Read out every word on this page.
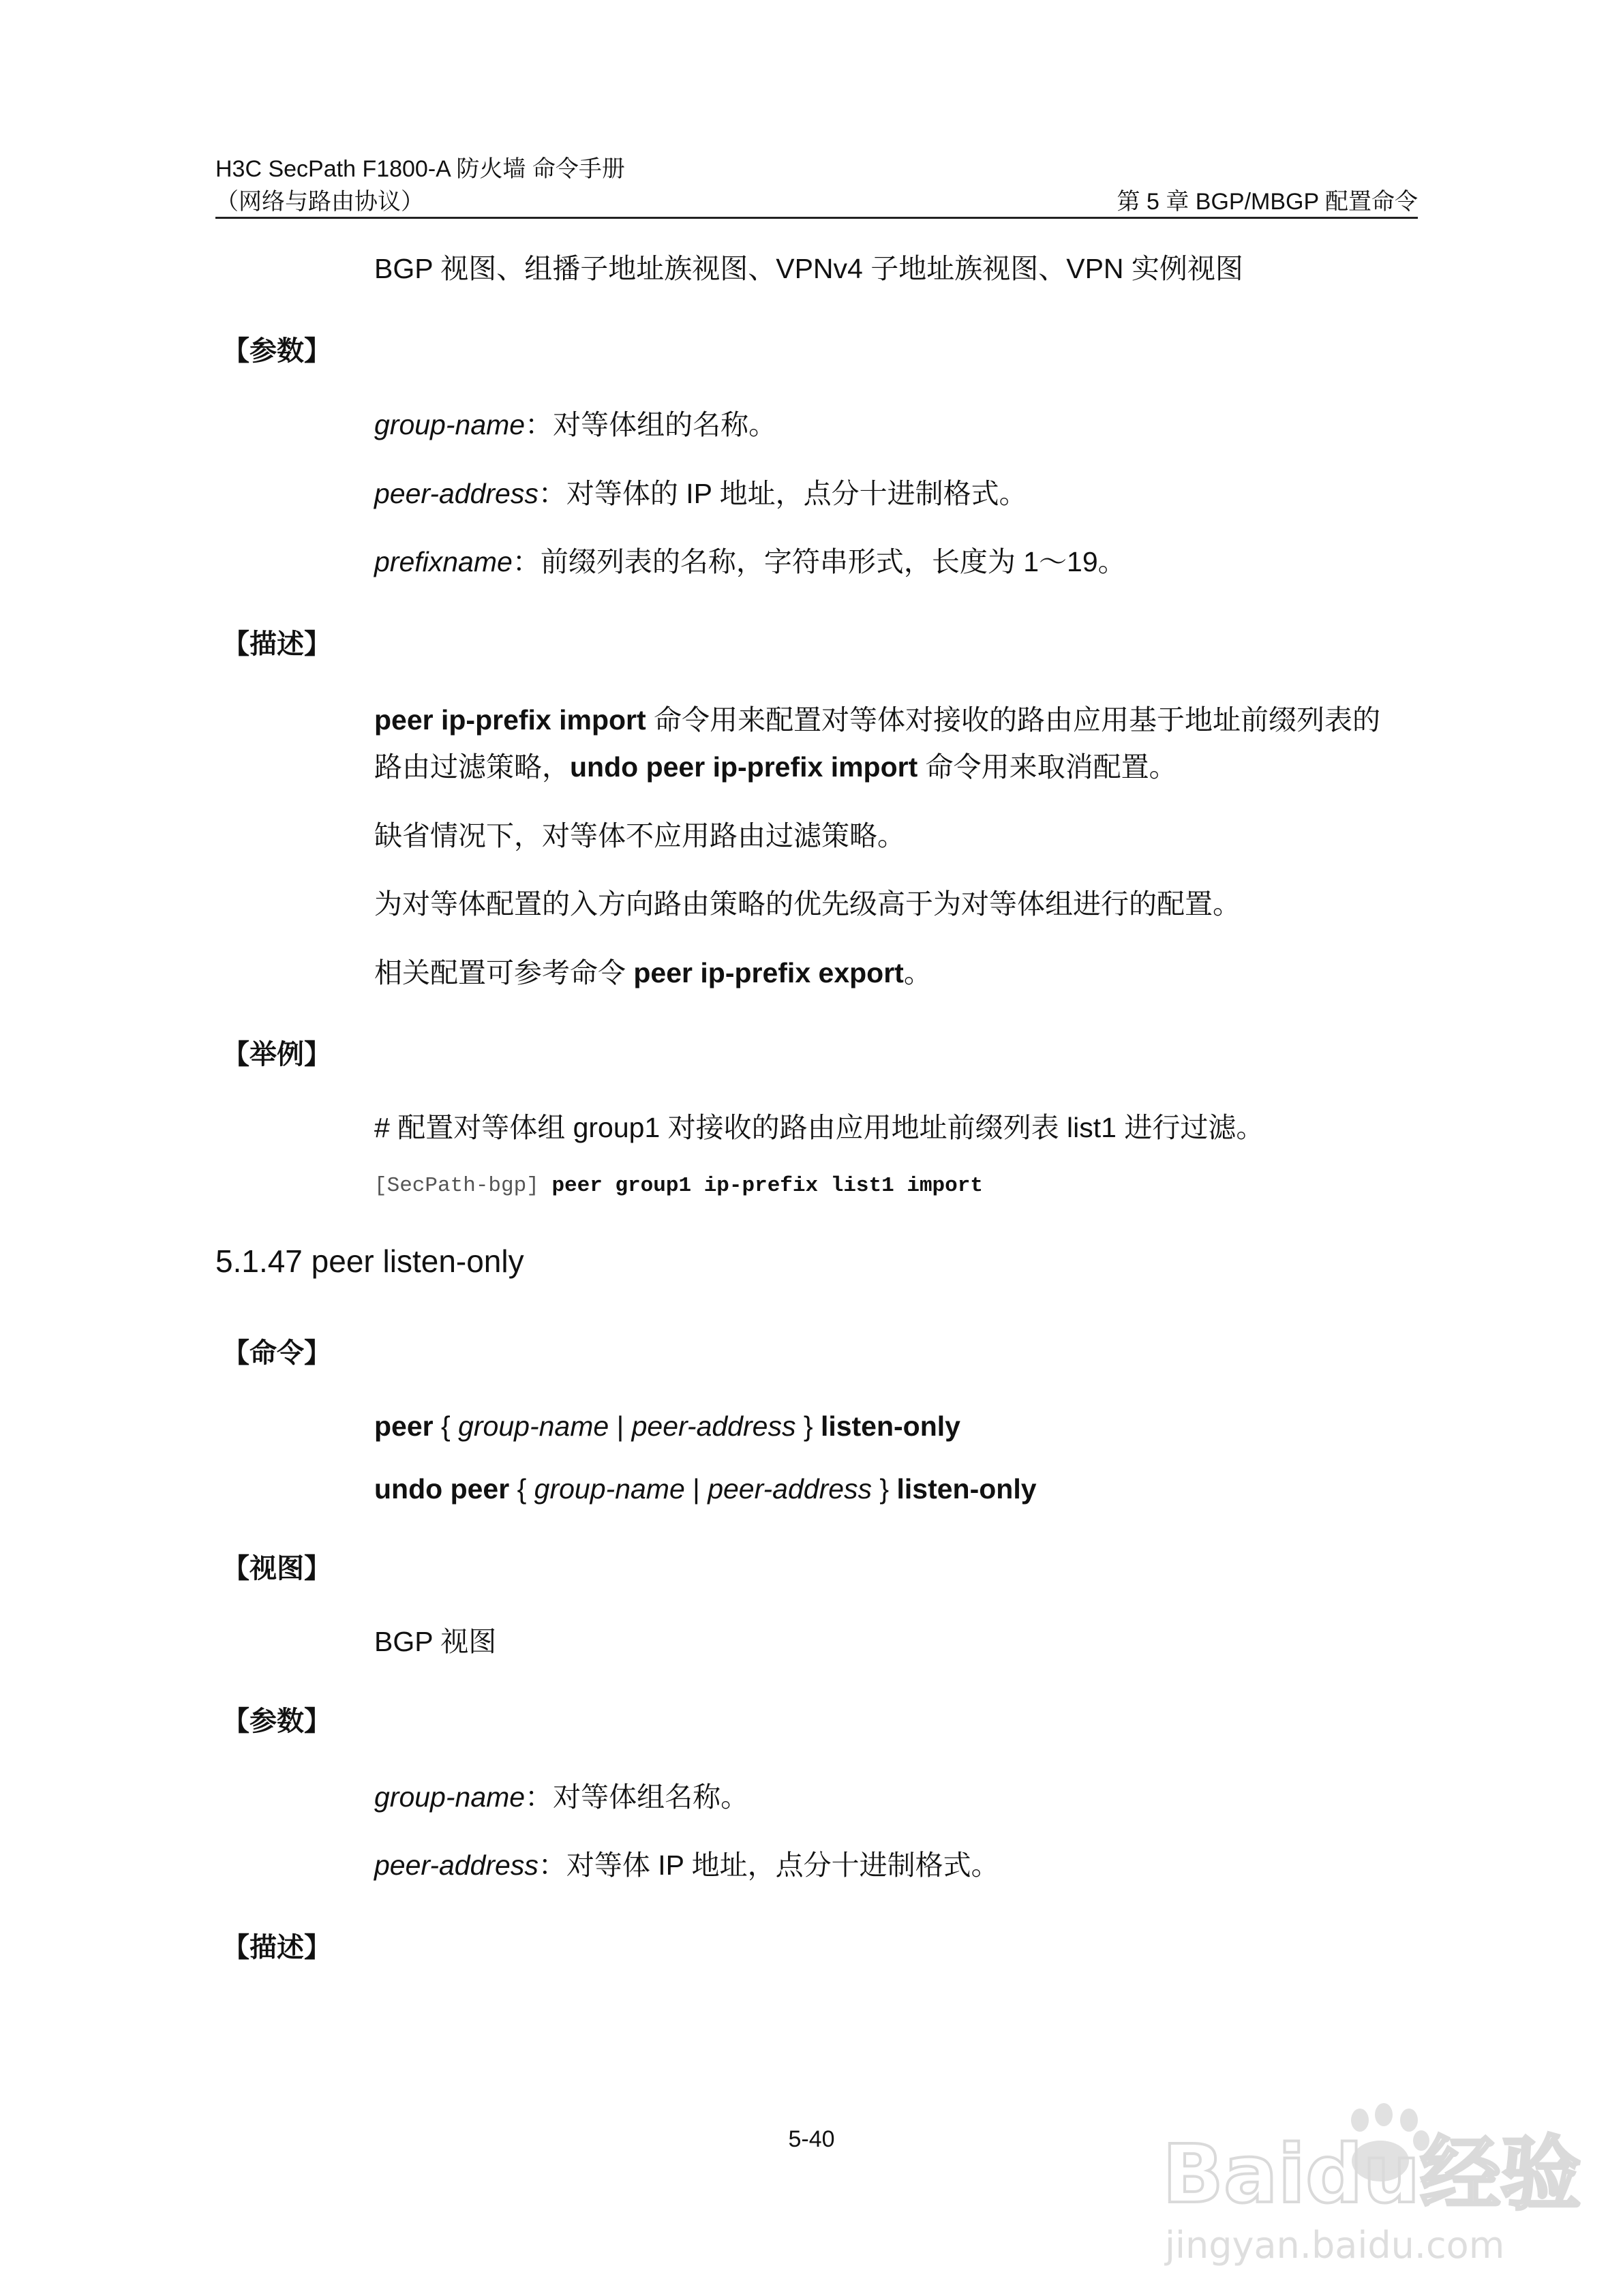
H3C SecPath F1800-A 防火墙 命令手册
（网络与路由协议）	第 5 章 BGP/MBGP 配置命令
BGP 视图、组播子地址族视图、VPNv4 子地址族视图、VPN 实例视图
【参数】
group-name：对等体组的名称。
peer-address：对等体的 IP 地址，点分十进制格式。
prefixname：前缀列表的名称，字符串形式，长度为 1～19。
【描述】
peer ip-prefix import 命令用来配置对等体对接收的路由应用基于地址前缀列表的
路由过滤策略，undo peer ip-prefix import 命令用来取消配置。
缺省情况下，对等体不应用路由过滤策略。
为对等体配置的入方向路由策略的优先级高于为对等体组进行的配置。
相关配置可参考命令 peer ip-prefix export。
【举例】
# 配置对等体组 group1 对接收的路由应用地址前缀列表 list1 进行过滤。
[SecPath-bgp] peer group1 ip-prefix list1 import
5.1.47 peer listen-only
【命令】
peer { group-name | peer-address } listen-only
undo peer { group-name | peer-address } listen-only
【视图】
BGP 视图
【参数】
group-name：对等体组名称。
peer-address：对等体 IP 地址，点分十进制格式。
【描述】
5-40	Baidu经验
jingyan.baidu.com
